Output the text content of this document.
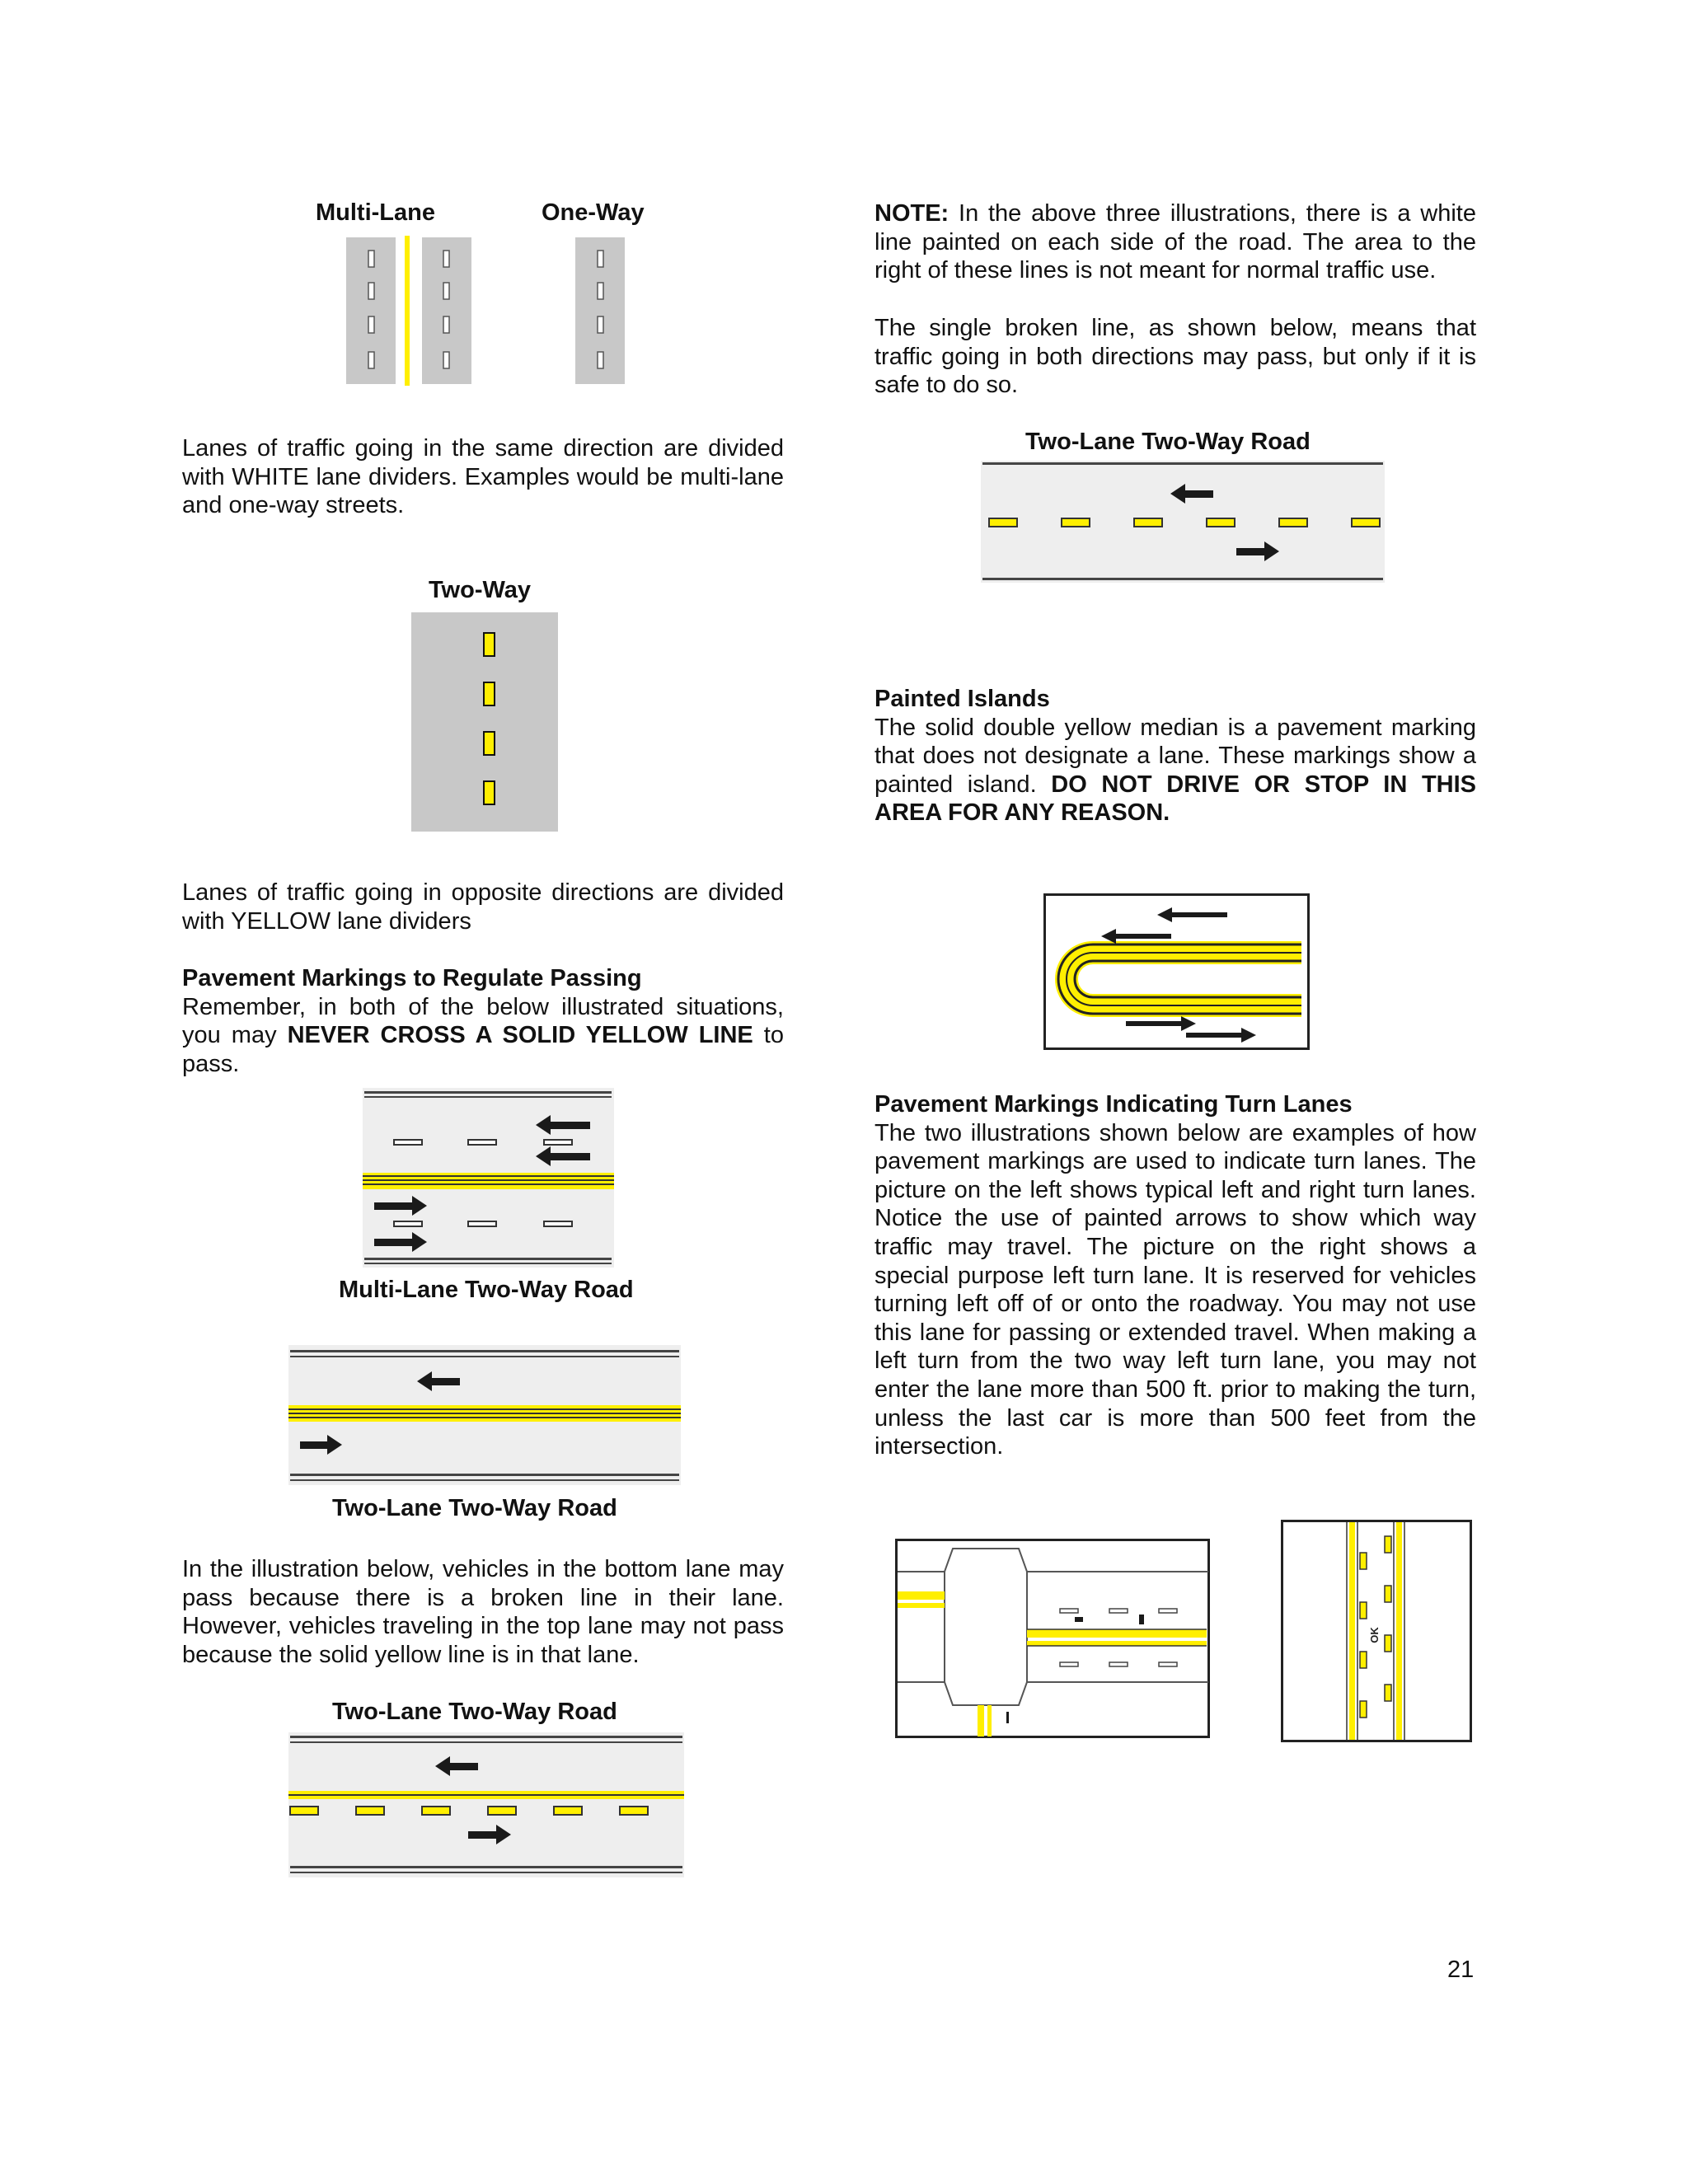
Multi-Lane	One-Way
Lanes of traffic going in the same direction are divided with WHITE lane dividers. Examples would be multi-lane and one-way streets.
Two-Way
Lanes of traffic going in opposite directions are divided with YELLOW lane dividers
Pavement Markings to Regulate Passing
Remember, in both of the below illustrated situations, you may NEVER CROSS A SOLID YELLOW LINE to pass.
Multi-Lane Two-Way Road
Two-Lane Two-Way Road
In the illustration below, vehicles in the bottom lane may pass because there is a broken line in their lane. However, vehicles traveling in the top lane may not pass because the solid yellow line is in that lane.
Two-Lane Two-Way Road
NOTE: In the above three illustrations, there is a white line painted on each side of the road. The area to the right of these lines is not meant for normal traffic use.
The single broken line, as shown below, means that traffic going in both directions may pass, but only if it is safe to do so.
Two-Lane Two-Way Road
Painted Islands
The solid double yellow median is a pavement marking that does not designate a lane. These markings show a painted island. DO NOT DRIVE OR STOP IN THIS AREA FOR ANY REASON.
Pavement Markings Indicating Turn Lanes
The two illustrations shown below are examples of how pavement markings are used to indicate turn lanes. The picture on the left shows typical left and right turn lanes. Notice the use of painted arrows to show which way traffic may travel. The picture on the right shows a special purpose left turn lane. It is reserved for vehicles turning left off of or onto the roadway. You may not use this lane for passing or extended travel. When making a left turn from the two way left turn lane, you may not enter the lane more than 500 ft. prior to making the turn, unless the last car is more than 500 feet from the intersection.
OK
21
